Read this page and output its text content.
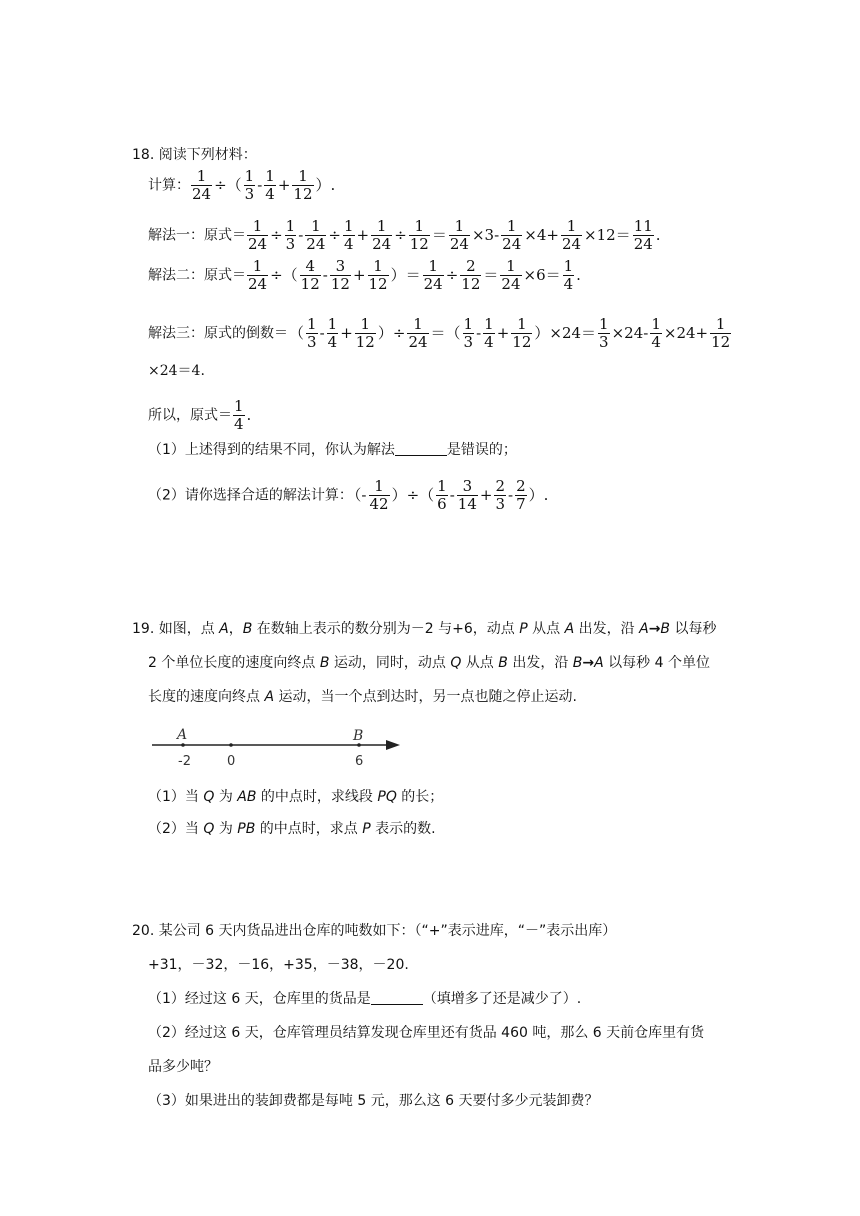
18. 阅读下列材料：
计算： $\frac{1}{24}$ ÷（ $\frac{1}{3} - \frac{1}{4} + \frac{1}{12}$ ）.
解法一：原式＝ $\frac{1}{24} \div \frac{1}{3} - \frac{1}{24} \div \frac{1}{4} + \frac{1}{24} \div \frac{1}{12} = \frac{1}{24} \times 3- \frac{1}{24} \times 4+ \frac{1}{24} \times 12= \frac{11}{24}$ .
解法二：原式＝ $\frac{1}{24}$ ÷（ $\frac{4}{12} - \frac{3}{12} + \frac{1}{12}$ ）＝ $\frac{1}{24} \div \frac{2}{12} = \frac{1}{24} \times 6= \frac{1}{4}$ .
解法三：原式的倒数＝（ $\frac{1}{3} - \frac{1}{4} + \frac{1}{12}$ ）÷ $\frac{1}{24}$ ＝（ $\frac{1}{3} - \frac{1}{4} + \frac{1}{12} )\times 24= \frac{1}{3} \times 24- \frac{1}{4} \times 24+ \frac{1}{12}$
×24＝4.
所以，原式＝ $\frac{1}{4}$ .
（1）上述得到的结果不同，你认为解法	是错误的；
（2）请你选择合适的解法计算：（- $\frac{1}{42}$ ）÷（ $\frac{1}{6} - \frac{3}{14} + \frac{2}{3} - \frac{2}{7}$ ）.
19. 如图，点 A，B 在数轴上表示的数分别为－2 与+6，动点 P 从点 A 出发，沿 A→B 以每秒
2 个单位长度的速度向终点 B 运动，同时，动点 Q 从点 B 出发，沿 B→A 以每秒 4 个单位
长度的速度向终点 A 运动，当一个点到达时，另一点也随之停止运动.
A	B
-2	0	6
（1）当 Q 为 AB 的中点时，求线段 PQ 的长；
（2）当 Q 为 PB 的中点时，求点 P 表示的数.
20. 某公司 6 天内货品进出仓库的吨数如下：（“+”表示进库，“－”表示出库）
+31，－32，－16，+35，－38，－20.
（1）经过这 6 天，仓库里的货品是	（填增多了还是减少了）.
（2）经过这 6 天，仓库管理员结算发现仓库里还有货品 460 吨，那么 6 天前仓库里有货
品多少吨？
（3）如果进出的装卸费都是每吨 5 元，那么这 6 天要付多少元装卸费？
